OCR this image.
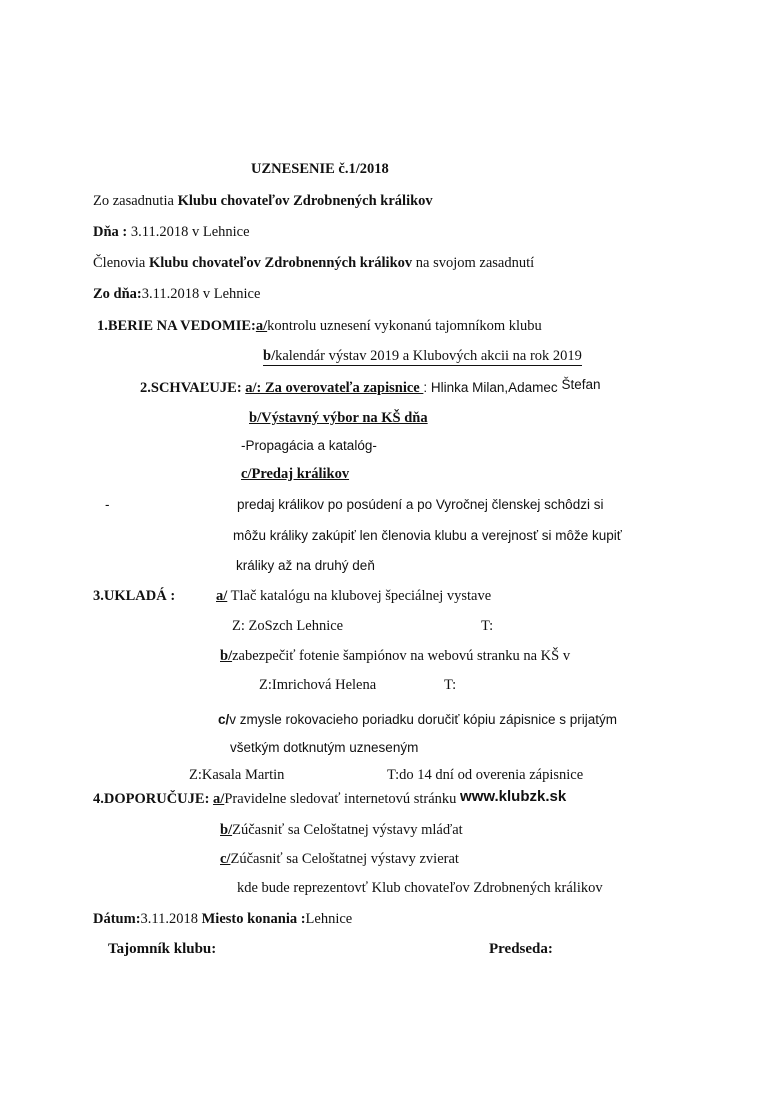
UZNESENIE č.1/2018
Zo zasadnutia Klubu chovateľov Zdrobnených králikov
Dňa : 3.11.2018 v Lehnice
Členovia Klubu chovateľov Zdrobnenných králikov na svojom zasadnutí
Zo dňa:3.11.2018 v Lehnice
1.BERIE NA VEDOMIE:a/kontrolu uznesení vykonanú tajomníkom klubu
b/kalendár výstav 2019 a Klubových akcii na rok 2019
2.SCHVAĽUJE: a/: Za overovateľa zapisnice : Hlinka Milan,Adamec Štefan
b/Výstavný výbor na KŠ dňa
-Propagácia a katalóg-
c/Predaj králikov
-	predaj králikov po posúdení a po Vyročnej členskej schôdzi si
môžu králiky zakúpiť len členovia klubu a verejnosť si môže kupiť
králiky až na druhý deň
3.UKLADÁ :	a/ Tlač katalógu na klubovej špeciálnej vystave
Z: ZoSzch Lehnice	T:
b/zabezpečiť fotenie šampiónov na webovú stranku na KŠ v
Z:Imrichová Helena	T:
c/v zmysle rokovacieho poriadku doručiť kópiu zápisnice s prijatým
všetkým dotknutým uzneseným
Z:Kasala Martin	T:do 14 dní od overenia zápisnice
4.DOPORUČUJE: a/Pravidelne sledovať internetovú stránku www.klubzk.sk
b/Zúčasniť sa Celoštatnej výstavy mláďat
c/Zúčasniť sa Celoštatnej výstavy zvierat
kde bude reprezentovť Klub chovateľov Zdrobnených králikov
Dátum:3.11.2018 Miesto konania :Lehnice
Tajomník klubu:	Predseda:
